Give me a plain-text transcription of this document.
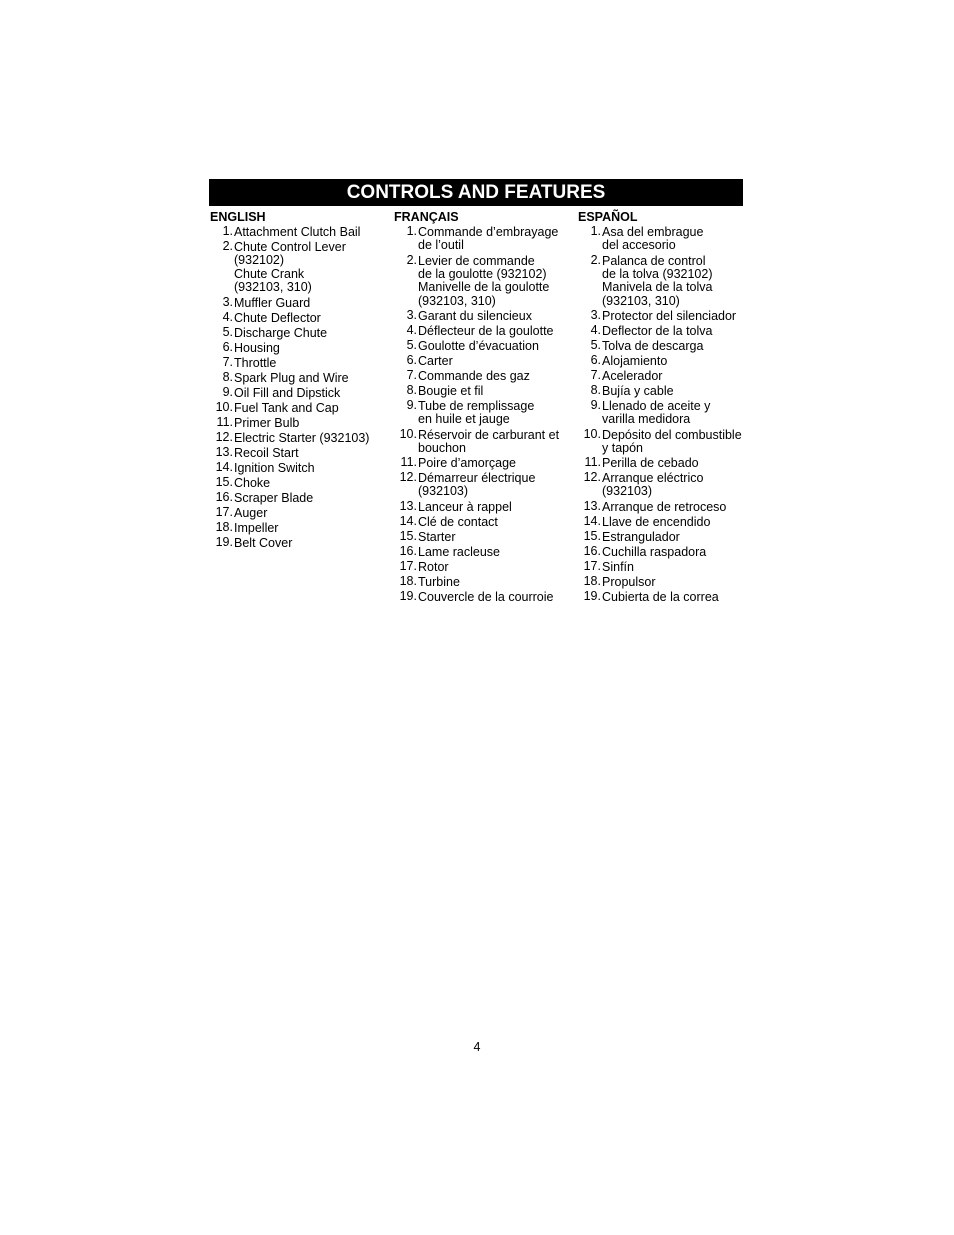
CONTROLS AND FEATURES
ENGLISH
1. Attachment Clutch Bail
2. Chute Control Lever
(932102)
Chute Crank
(932103, 310)
3. Muffler Guard
4. Chute Deflector
5. Discharge Chute
6. Housing
7. Throttle
8. Spark Plug and Wire
9. Oil Fill and Dipstick
10. Fuel Tank and Cap
11. Primer Bulb
12. Electric Starter (932103)
13. Recoil Start
14. Ignition Switch
15. Choke
16. Scraper Blade
17. Auger
18. Impeller
19. Belt Cover
FRANÇAIS
1. Commande d’embrayage
de l’outil
2. Levier de commande
de la goulotte (932102)
Manivelle de la goulotte
(932103, 310)
3. Garant du silencieux
4. Déflecteur de la goulotte
5. Goulotte d’évacuation
6. Carter
7. Commande des gaz
8. Bougie et fil
9. Tube de remplissage
en huile et jauge
10. Réservoir de carburant et
bouchon
11. Poire d’amorçage
12. Démarreur électrique
(932103)
13. Lanceur à rappel
14. Clé de contact
15. Starter
16. Lame racleuse
17. Rotor
18. Turbine
19. Couvercle de la courroie
ESPAÑOL
1. Asa del embrague
del accesorio
2. Palanca de control
de la tolva (932102)
Manivela de la tolva
(932103, 310)
3. Protector del silenciador
4. Deflector de la tolva
5. Tolva de descarga
6. Alojamiento
7. Acelerador
8. Bujía y cable
9. Llenado de aceite y
varilla medidora
10. Depósito del combustible
y tapón
11. Perilla de cebado
12. Arranque eléctrico
(932103)
13. Arranque de retroceso
14. Llave de encendido
15. Estrangulador
16. Cuchilla raspadora
17. Sinfín
18. Propulsor
19. Cubierta de la correa
4
